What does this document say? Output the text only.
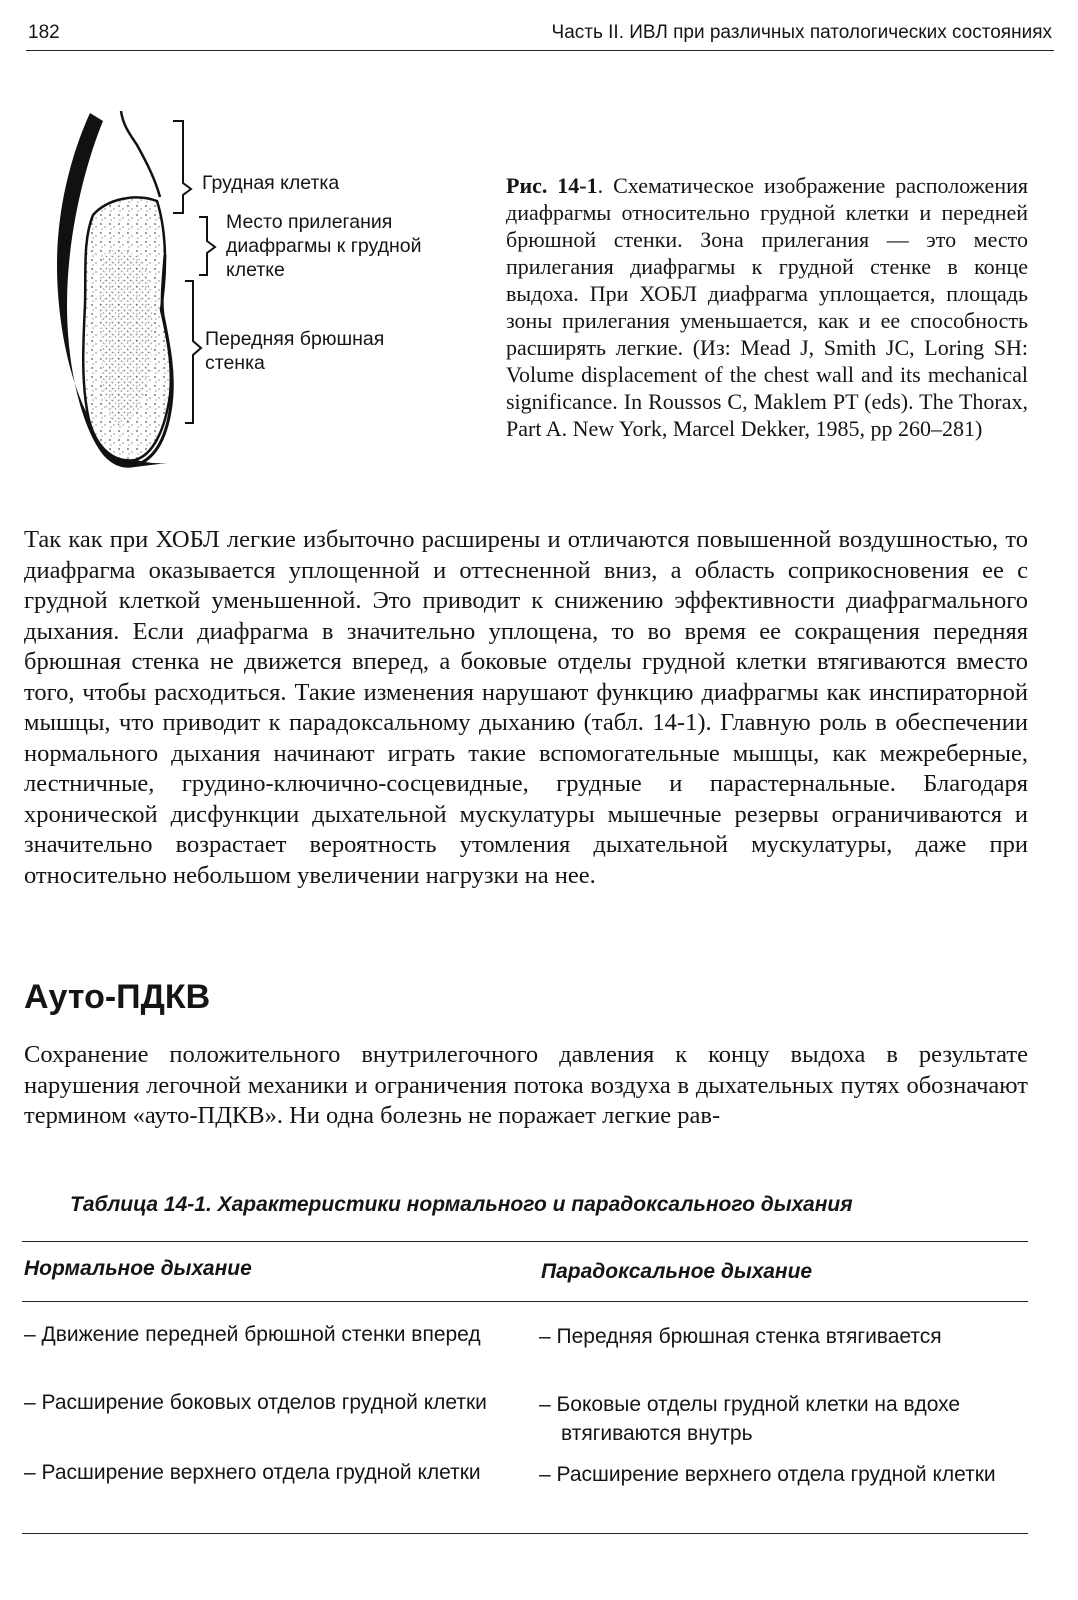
182	Часть II. ИВЛ при различных патологических состояниях
Грудная клетка
Место прилегания диафрагмы к грудной клетке
Передняя брюшная стенка
Рис. 14-1. Схематическое изображение расположения диафрагмы относительно грудной клетки и передней брюшной стенки. Зона прилегания — это место прилегания диафрагмы к грудной стенке в конце выдоха. При ХОБЛ диафрагма уплощается, площадь зоны прилегания уменьшается, как и ее способность расширять легкие. (Из: Mead J, Smith JC, Loring SH: Volume displacement of the chest wall and its mechanical significance. In Roussos C, Maklem PT (eds). The Thorax, Part A. New York, Marcel Dekker, 1985, pp 260–281)

Так как при ХОБЛ легкие избыточно расширены и отличаются повышенной воздушностью, то диафрагма оказывается уплощенной и оттесненной вниз, а область соприкосновения ее с грудной клеткой уменьшенной. Это приводит к снижению эффективности диафрагмального дыхания. Если диафрагма в значительно уплощена, то во время ее сокращения передняя брюшная стенка не движется вперед, а боковые отделы грудной клетки втягиваются вместо того, чтобы расходиться. Такие изменения нарушают функцию диафрагмы как инспираторной мышцы, что приводит к парадоксальному дыханию (табл. 14-1). Главную роль в обеспечении нормального дыхания начинают играть такие вспомогательные мышцы, как межреберные, лестничные, грудино-ключично-сосцевидные, грудные и парастернальные. Благодаря хронической дисфункции дыхательной мускулатуры мышечные резервы ограничиваются и значительно возрастает вероятность утомления дыхательной мускулатуры, даже при относительно небольшом увеличении нагрузки на нее.

Ауто-ПДКВ

Сохранение положительного внутрилегочного давления к концу выдоха в результате нарушения легочной механики и ограничения потока воздуха в дыхательных путях обозначают термином «ауто-ПДКВ». Ни одна болезнь не поражает легкие рав-

Таблица 14-1. Характеристики нормального и парадоксального дыхания
Нормальное дыхание	Парадоксальное дыхание
– Движение передней брюшной стенки вперед	– Передняя брюшная стенка втягивается
– Расширение боковых отделов грудной клетки	– Боковые отделы грудной клетки на вдохе втягиваются внутрь
– Расширение верхнего отдела грудной клетки	– Расширение верхнего отдела грудной клетки
